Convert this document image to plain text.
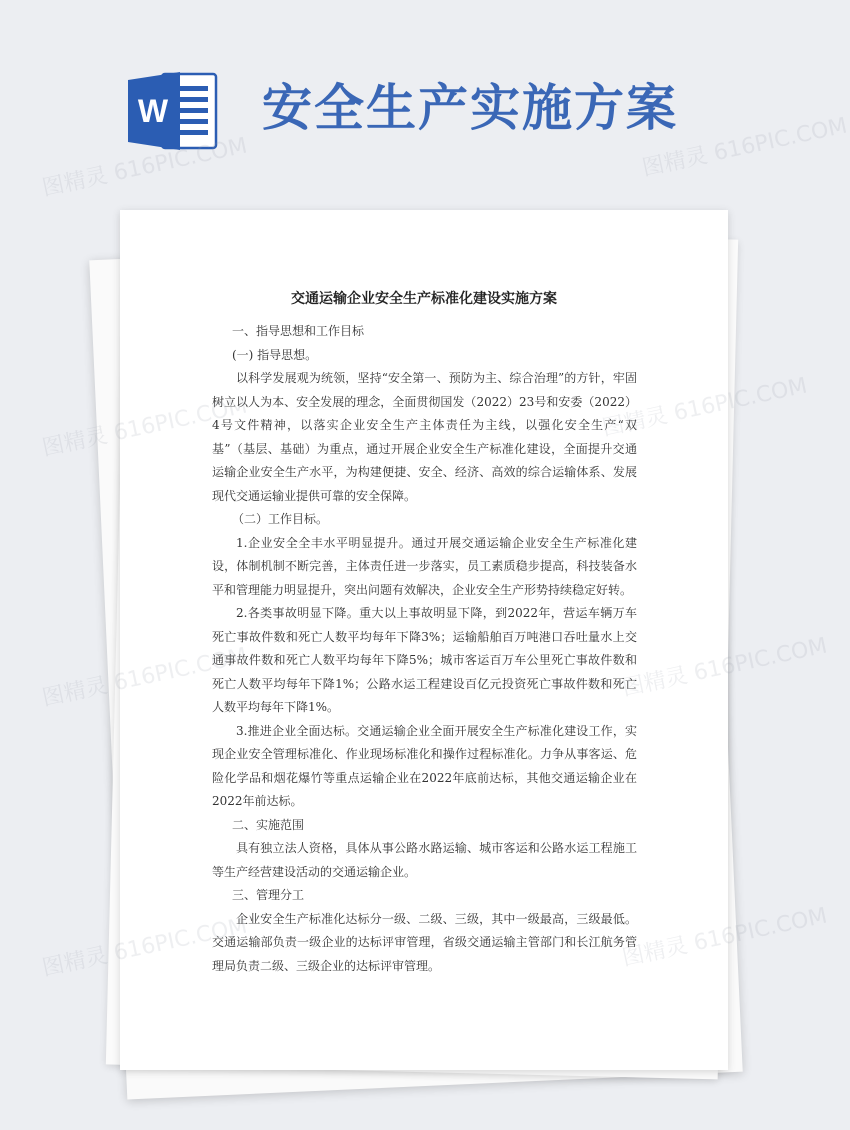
W 安全生产实施方案
交通运输企业安全生产标准化建设实施方案

一、指导思想和工作目标

(一) 指导思想。

以科学发展观为统领，坚持“安全第一、预防为主、综合治理”的方针，牢固树立以人为本、安全发展的理念，全面贯彻国发（2022）23号和安委（2022）4号文件精神，以落实企业安全生产主体责任为主线，以强化安全生产“双基”（基层、基础）为重点，通过开展企业安全生产标准化建设，全面提升交通运输企业安全生产水平，为构建便捷、安全、经济、高效的综合运输体系、发展现代交通运输业提供可靠的安全保障。

（二）工作目标。

1.企业安全全丰水平明显提升。通过开展交通运输企业安全生产标准化建设，体制机制不断完善，主体责任进一步落实，员工素质稳步提高，科技装备水平和管理能力明显提升，突出问题有效解决，企业安全生产形势持续稳定好转。

2.各类事故明显下降。重大以上事故明显下降，到2022年，营运车辆万车死亡事故件数和死亡人数平均每年下降3%；运输船舶百万吨港口吞吐量水上交通事故件数和死亡人数平均每年下降5%；城市客运百万车公里死亡事故件数和死亡人数平均每年下降1%；公路水运工程建设百亿元投资死亡事故件数和死亡人数平均每年下降1%。

3.推进企业全面达标。交通运输企业全面开展安全生产标准化建设工作，实现企业安全管理标准化、作业现场标准化和操作过程标准化。力争从事客运、危险化学品和烟花爆竹等重点运输企业在2022年底前达标，其他交通运输企业在2022年前达标。

二、实施范围

具有独立法人资格，具体从事公路水路运输、城市客运和公路水运工程施工等生产经营建设活动的交通运输企业。

三、管理分工

企业安全生产标准化达标分一级、二级、三级，其中一级最高，三级最低。交通运输部负责一级企业的达标评审管理，省级交通运输主管部门和长江航务管理局负责二级、三级企业的达标评审管理。

图精灵 616PIC.COM	图精灵 616PIC.COM
图精灵
616PIC.COM
图精灵
616PIC.COM
图精灵
616PIC.COM
